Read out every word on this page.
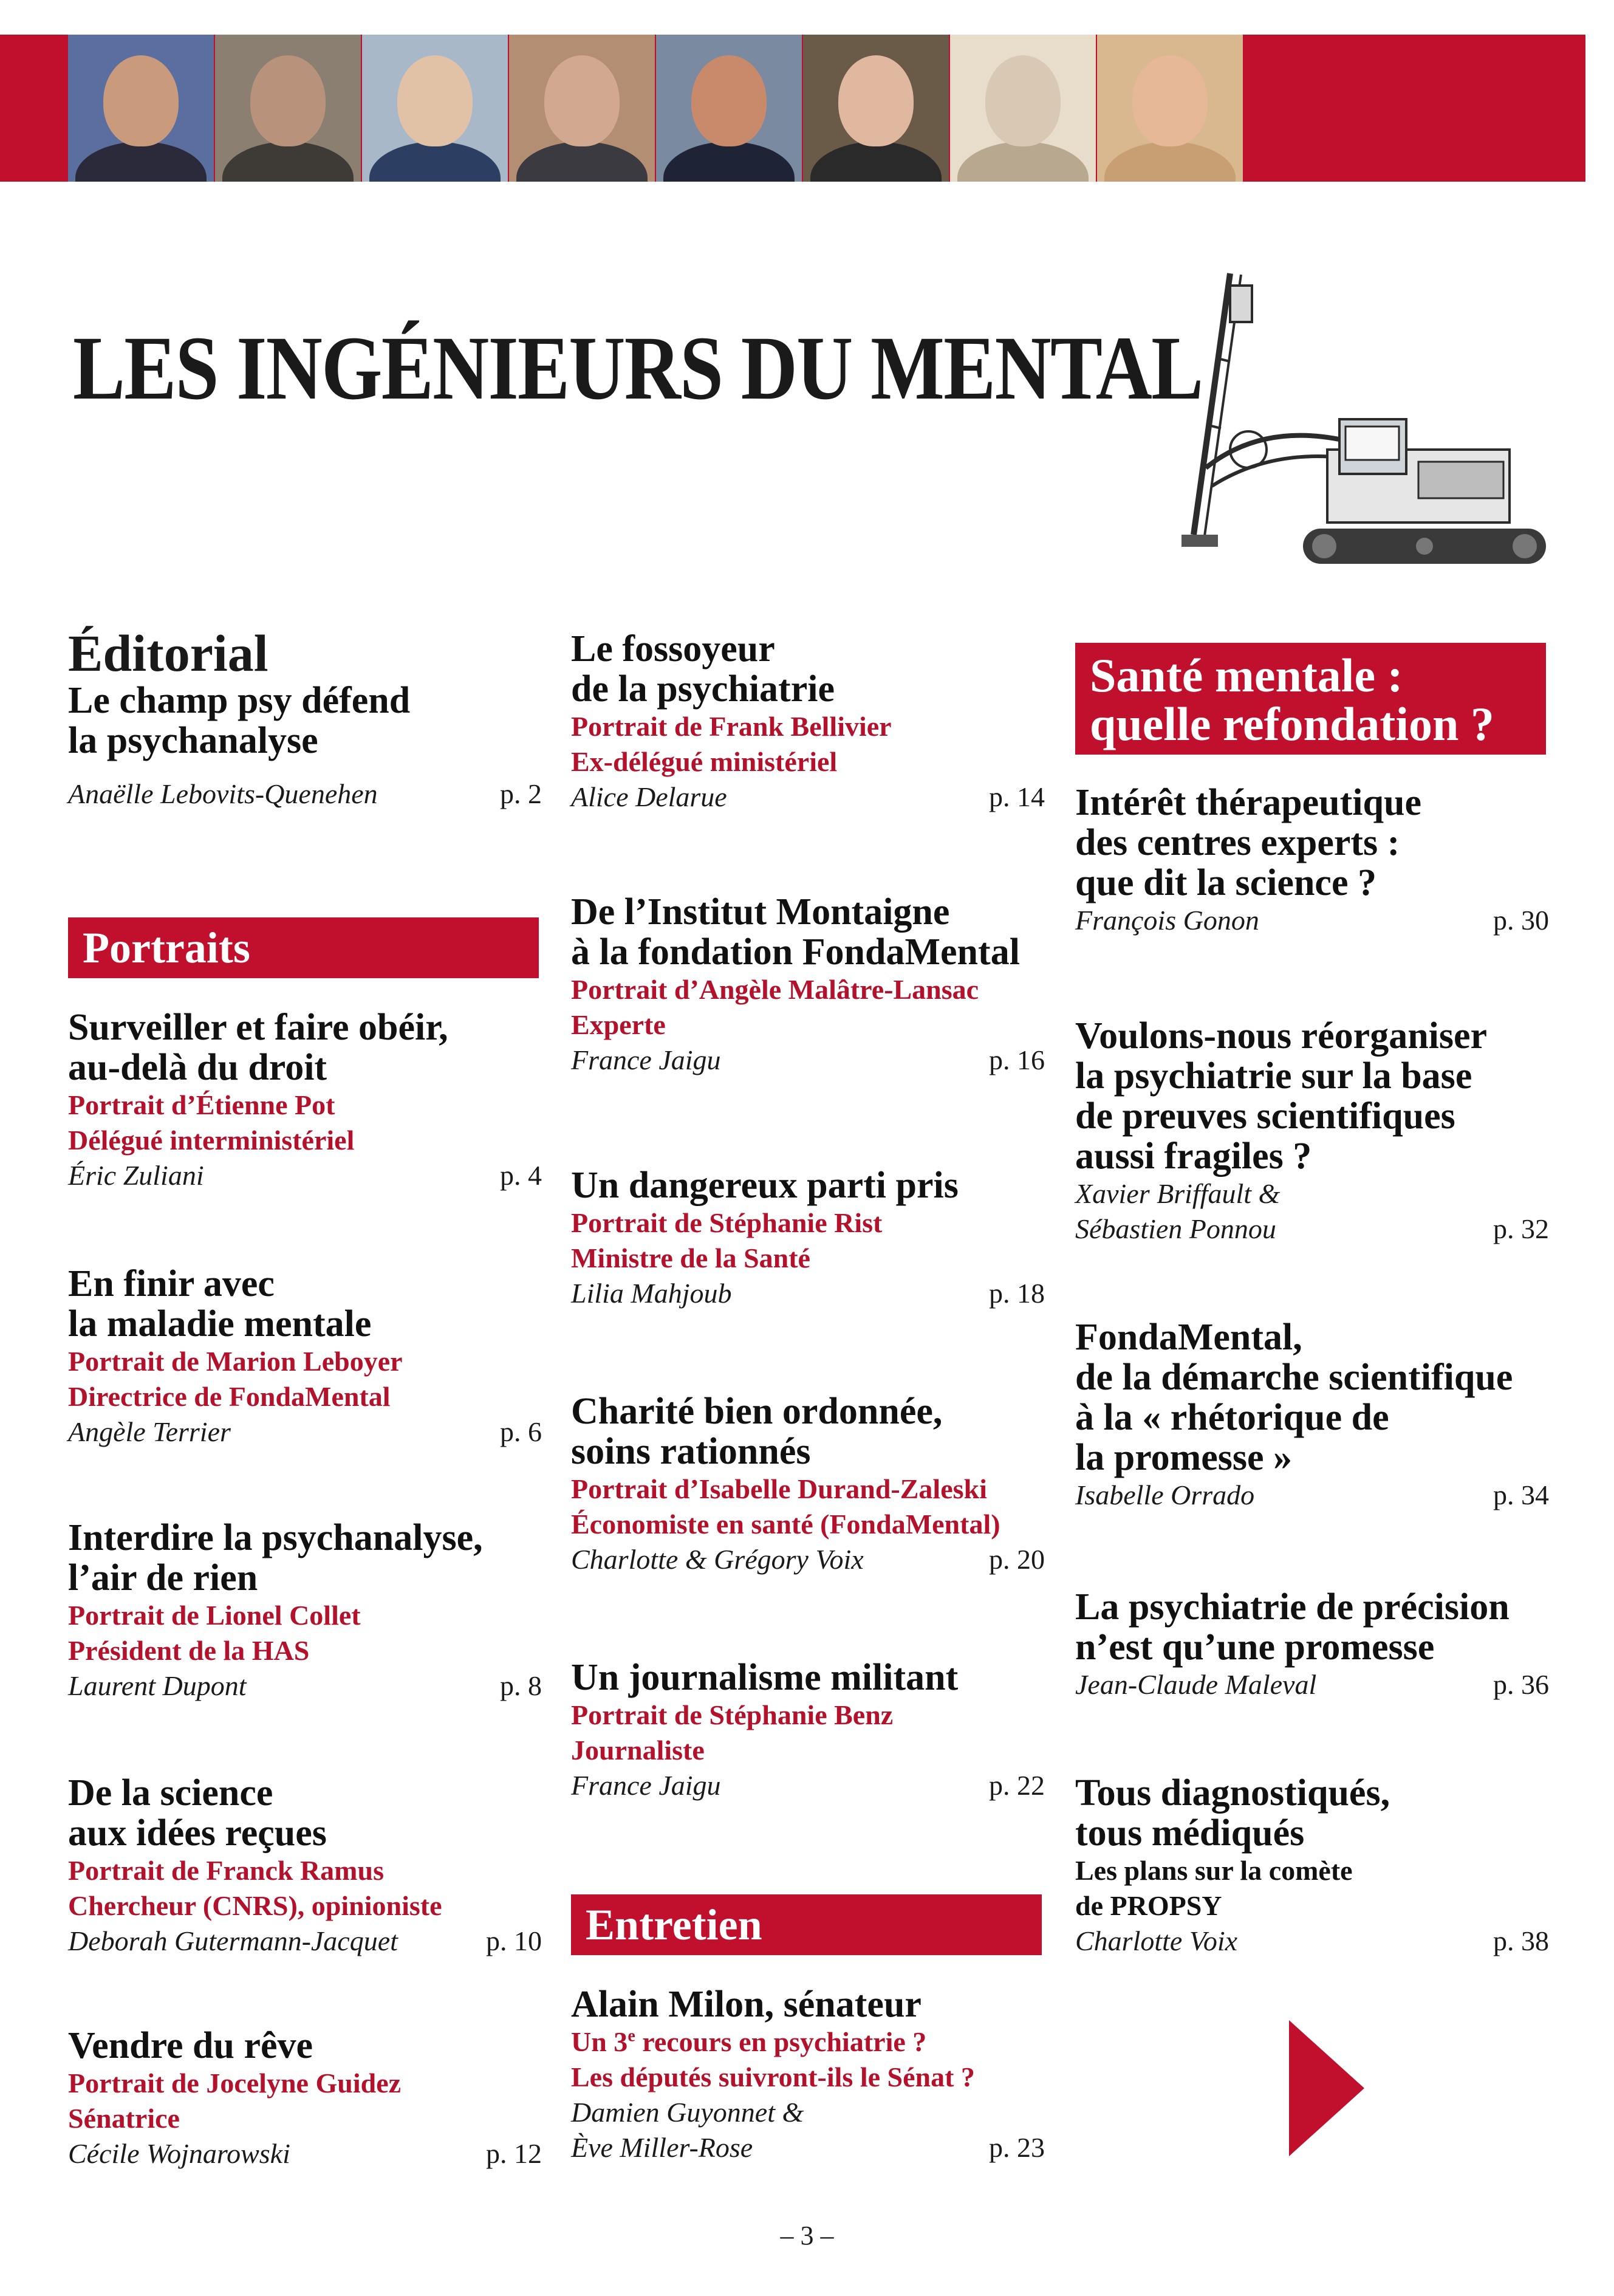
LES INGÉNIEURS DU MENTAL
Éditorial
Le champ psy défend
la psychanalyse
Anaëlle Lebovits-Quenehen	p. 2
Portraits
Surveiller et faire obéir,
au-delà du droit
Portrait d’Étienne Pot
Délégué interministériel
Éric Zuliani	p. 4
En finir avec
la maladie mentale
Portrait de Marion Leboyer
Directrice de FondaMental
Angèle Terrier	p. 6
Interdire la psychanalyse,
l’air de rien
Portrait de Lionel Collet
Président de la HAS
Laurent Dupont	p. 8
De la science
aux idées reçues
Portrait de Franck Ramus
Chercheur (CNRS), opinioniste
Deborah Gutermann-Jacquet	p. 10
Vendre du rêve
Portrait de Jocelyne Guidez
Sénatrice
Cécile Wojnarowski	p. 12
Le fossoyeur
de la psychiatrie
Portrait de Frank Bellivier
Ex-délégué ministériel
Alice Delarue	p. 14
De l’Institut Montaigne
à la fondation FondaMental
Portrait d’Angèle Malâtre-Lansac
Experte
France Jaigu	p. 16
Un dangereux parti pris
Portrait de Stéphanie Rist
Ministre de la Santé
Lilia Mahjoub	p. 18
Charité bien ordonnée,
soins rationnés
Portrait d’Isabelle Durand-Zaleski
Économiste en santé (FondaMental)
Charlotte & Grégory Voix	p. 20
Un journalisme militant
Portrait de Stéphanie Benz
Journaliste
France Jaigu	p. 22
Entretien
Alain Milon, sénateur
Un 3e recours en psychiatrie ?
Les députés suivront-ils le Sénat ?
Damien Guyonnet &
Ève Miller-Rose	p. 23
Santé mentale :
quelle refondation ?
Intérêt thérapeutique
des centres experts :
que dit la science ?
François Gonon	p. 30
Voulons-nous réorganiser
la psychiatrie sur la base
de preuves scientifiques
aussi fragiles ?
Xavier Briffault &
Sébastien Ponnou	p. 32
FondaMental,
de la démarche scientifique
à la « rhétorique de
la promesse »
Isabelle Orrado	p. 34
La psychiatrie de précision
n’est qu’une promesse
Jean-Claude Maleval	p. 36
Tous diagnostiqués,
tous médiqués
Les plans sur la comète
de PROPSY
Charlotte Voix	p. 38
– 3 –
